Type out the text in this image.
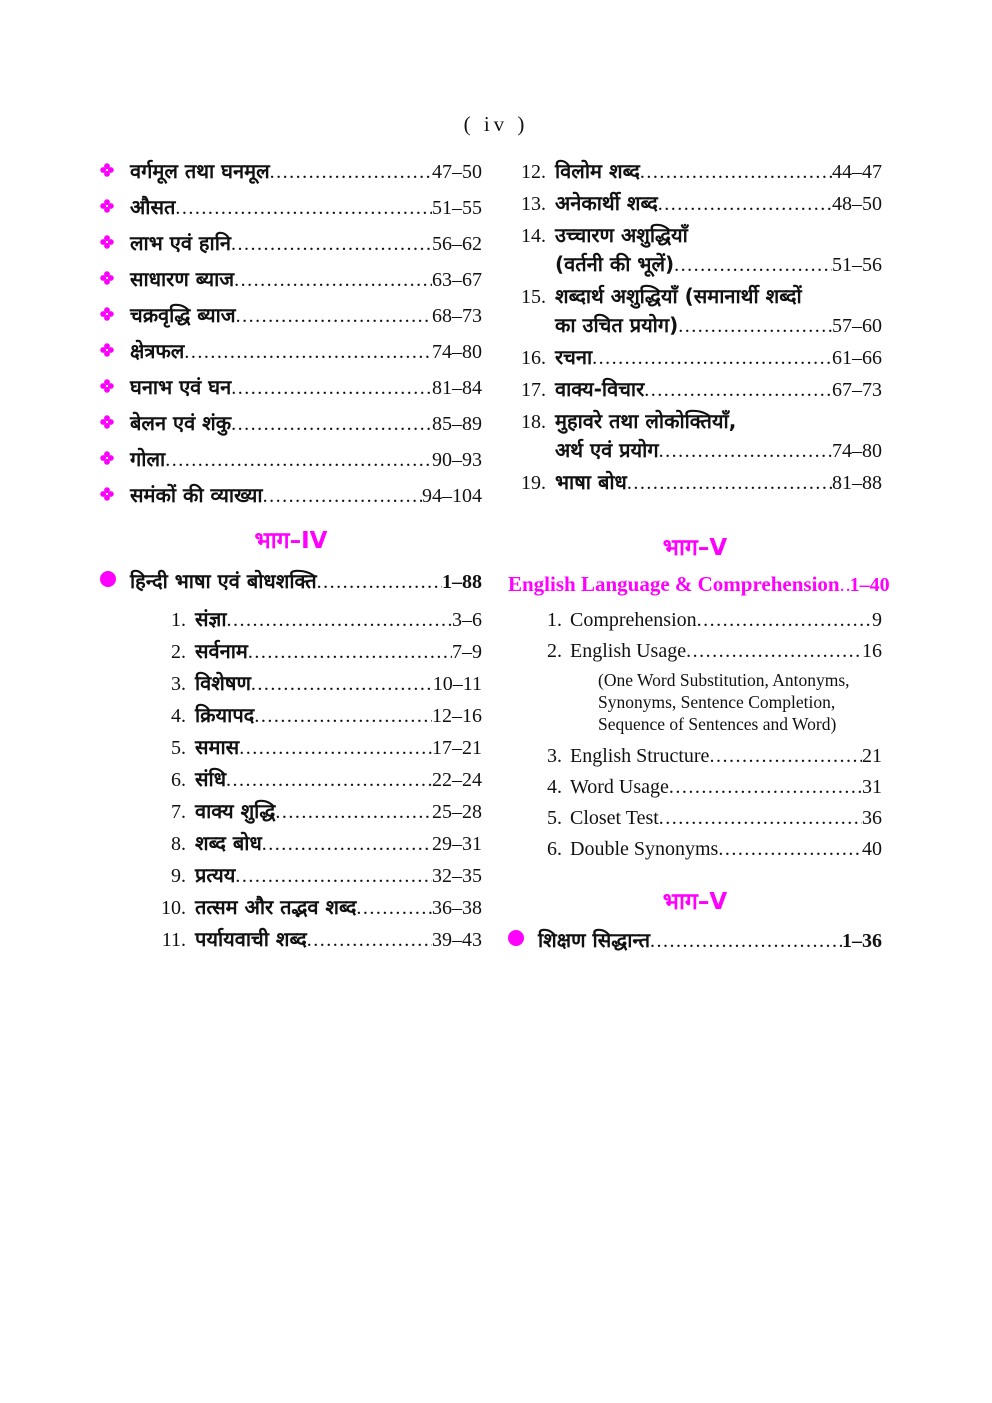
( iv )
वर्गमूल तथा घनमूल .....	47–50
औसत .....	51–55
लाभ एवं हानि .....	56–62
साधारण ब्याज .....	63–67
चक्रवृद्धि ब्याज .....	68–73
क्षेत्रफल .....	74–80
घनाभ एवं घन .....	81–84
बेलन एवं शंकु .....	85–89
गोला .....	90–93
समंकों की व्याख्या .....	94–104
भाग–IV
हिन्दी भाषा एवं बोधशक्ति .....	1–88
1. संज्ञा .....	3–6
2. सर्वनाम .....	7–9
3. विशेषण .....	10–11
4. क्रियापद .....	12–16
5. समास .....	17–21
6. संधि .....	22–24
7. वाक्य शुद्धि .....	25–28
8. शब्द बोध .....	29–31
9. प्रत्यय .....	32–35
10. तत्सम और तद्भव शब्द .....	36–38
11. पर्यायवाची शब्द .....	39–43
12. विलोम शब्द .....	44–47
13. अनेकार्थी शब्द .....	48–50
14. उच्चारण अशुद्धियाँ
(वर्तनी की भूलें) .....	51–56
15. शब्दार्थ अशुद्धियाँ (समानार्थी शब्दों
का उचित प्रयोग) .....	57–60
16. रचना .....	61–66
17. वाक्य-विचार .....	67–73
18. मुहावरे तथा लोकोक्तियाँ,
अर्थ एवं प्रयोग .....	74–80
19. भाषा बोध .....	81–88
भाग–V
English Language & Comprehension ..... 1–40
1. Comprehension .....	9
2. English Usage .....	16
(One Word Substitution, Antonyms, Synonyms, Sentence Completion, Sequence of Sentences and Word)
3. English Structure .....	21
4. Word Usage .....	31
5. Closet Test .....	36
6. Double Synonyms .....	40
भाग–V
शिक्षण सिद्धान्त .....	1–36
